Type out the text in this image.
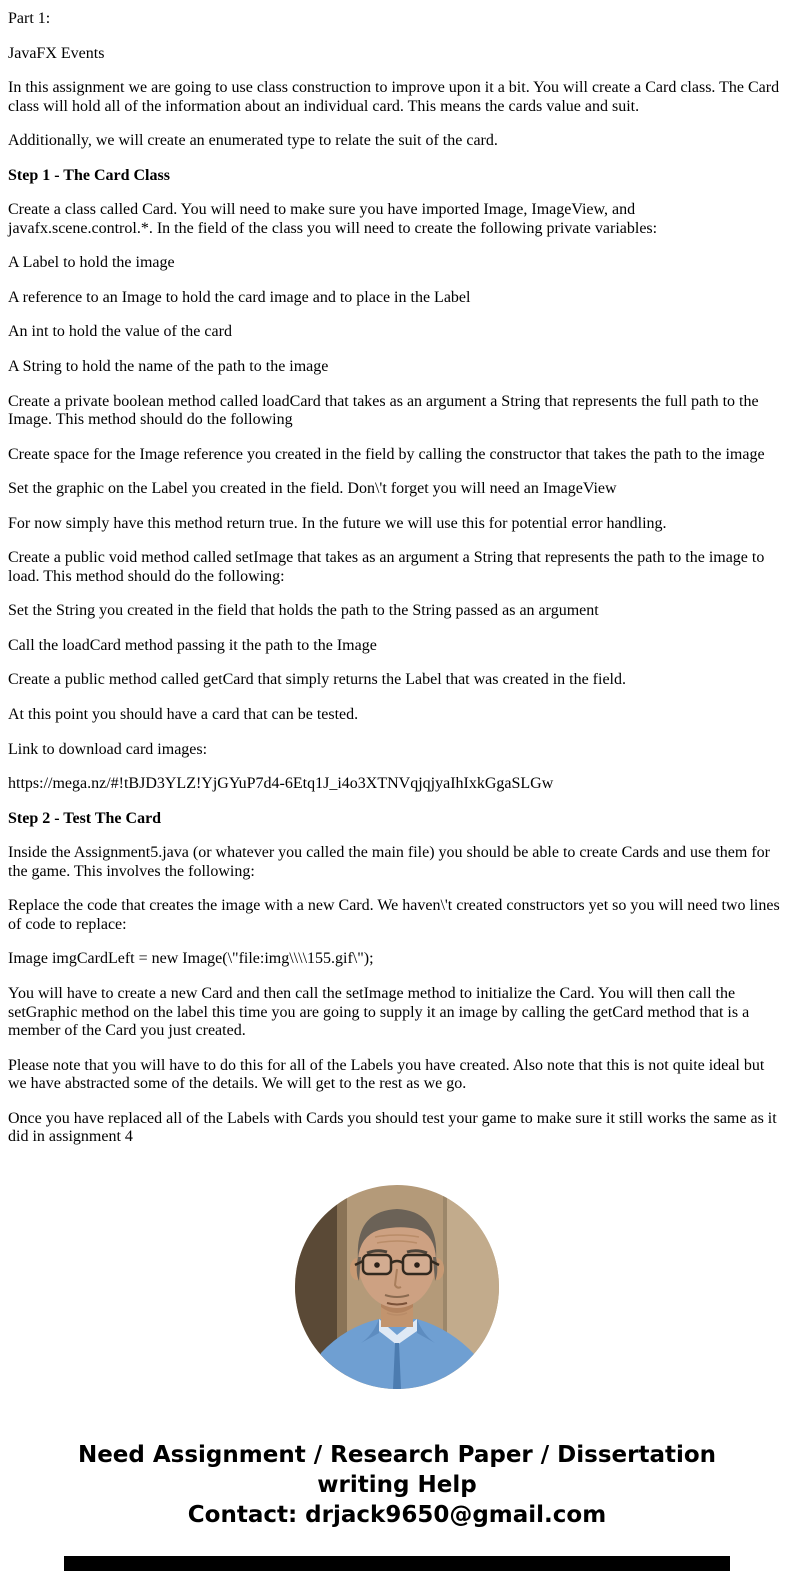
Part 1:

JavaFX Events

In this assignment we are going to use class construction to improve upon it a bit. You will create a Card class. The Card class will hold all of the information about an individual card. This means the cards value and suit.

Additionally, we will create an enumerated type to relate the suit of the card.

Step 1 - The Card Class

Create a class called Card. You will need to make sure you have imported Image, ImageView, and javafx.scene.control.*. In the field of the class you will need to create the following private variables:

A Label to hold the image

A reference to an Image to hold the card image and to place in the Label

An int to hold the value of the card

A String to hold the name of the path to the image

Create a private boolean method called loadCard that takes as an argument a String that represents the full path to the Image. This method should do the following

Create space for the Image reference you created in the field by calling the constructor that takes the path to the image

Set the graphic on the Label you created in the field. Don\'t forget you will need an ImageView

For now simply have this method return true. In the future we will use this for potential error handling.

Create a public void method called setImage that takes as an argument a String that represents the path to the image to load. This method should do the following:

Set the String you created in the field that holds the path to the String passed as an argument

Call the loadCard method passing it the path to the Image

Create a public method called getCard that simply returns the Label that was created in the field.

At this point you should have a card that can be tested.

Link to download card images:

https://mega.nz/#!tBJD3YLZ!YjGYuP7d4-6Etq1J_i4o3XTNVqjqjyaIhIxkGgaSLGw

Step 2 - Test The Card

Inside the Assignment5.java (or whatever you called the main file) you should be able to create Cards and use them for the game. This involves the following:

Replace the code that creates the image with a new Card. We haven\'t created constructors yet so you will need two lines of code to replace:

Image imgCardLeft = new Image(\"file:img\\\\155.gif\");

You will have to create a new Card and then call the setImage method to initialize the Card. You will then call the setGraphic method on the label this time you are going to supply it an image by calling the getCard method that is a member of the Card you just created.

Please note that you will have to do this for all of the Labels you have created. Also note that this is not quite ideal but we have abstracted some of the details. We will get to the rest as we go.

Once you have replaced all of the Labels with Cards you should test your game to make sure it still works the same as it did in assignment 4

Need Assignment / Research Paper / Dissertation writing Help
Contact: drjack9650@gmail.com
